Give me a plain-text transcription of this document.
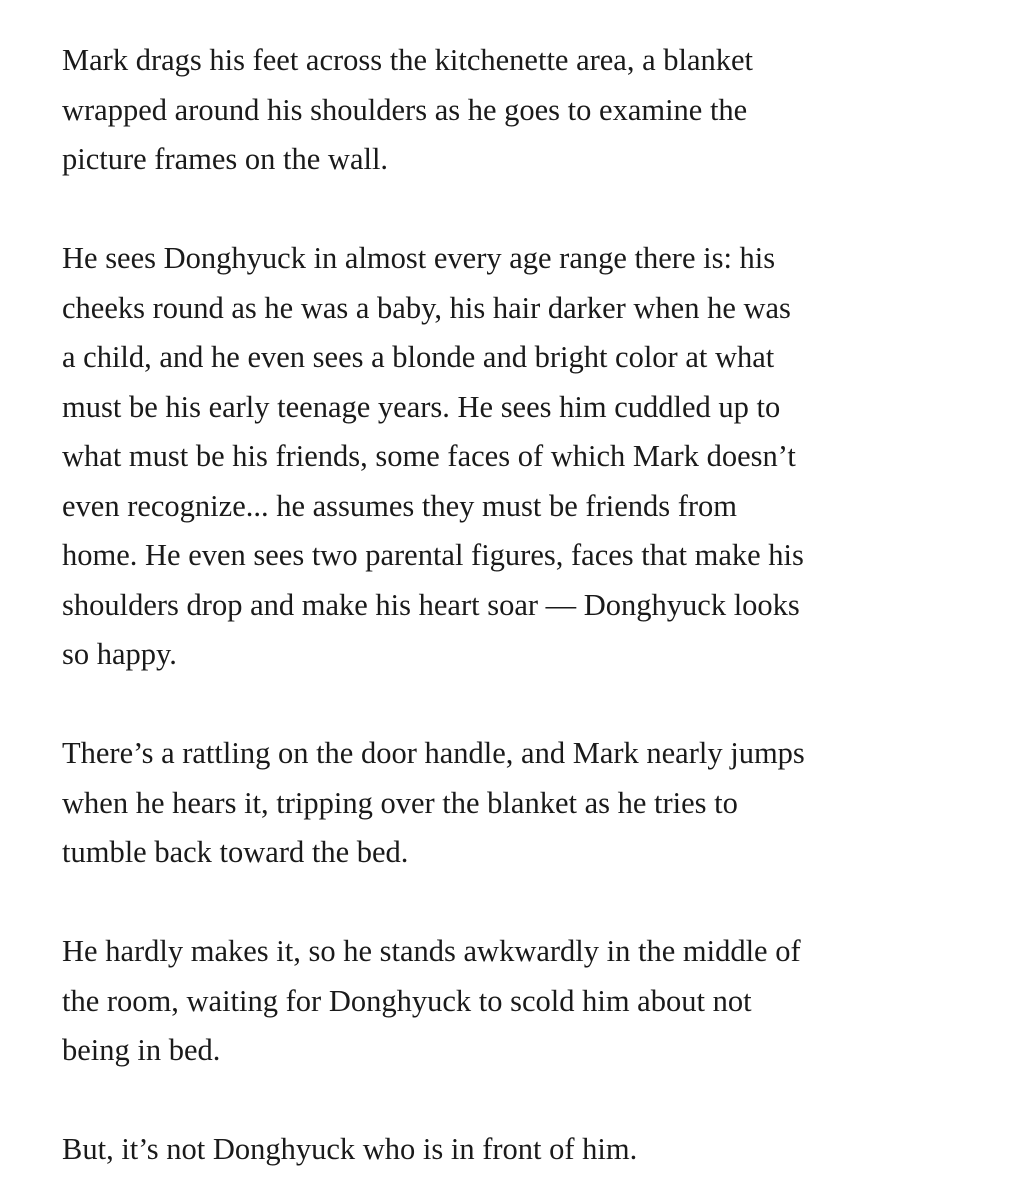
Mark drags his feet across the kitchenette area, a blanket
wrapped around his shoulders as he goes to examine the
picture frames on the wall.

He sees Donghyuck in almost every age range there is: his
cheeks round as he was a baby, his hair darker when he was
a child, and he even sees a blonde and bright color at what
must be his early teenage years. He sees him cuddled up to
what must be his friends, some faces of which Mark doesn’t
even recognize... he assumes they must be friends from
home. He even sees two parental figures, faces that make his
shoulders drop and make his heart soar — Donghyuck looks
so happy.

There’s a rattling on the door handle, and Mark nearly jumps
when he hears it, tripping over the blanket as he tries to
tumble back toward the bed.

He hardly makes it, so he stands awkwardly in the middle of
the room, waiting for Donghyuck to scold him about not
being in bed.

But, it’s not Donghyuck who is in front of him.
